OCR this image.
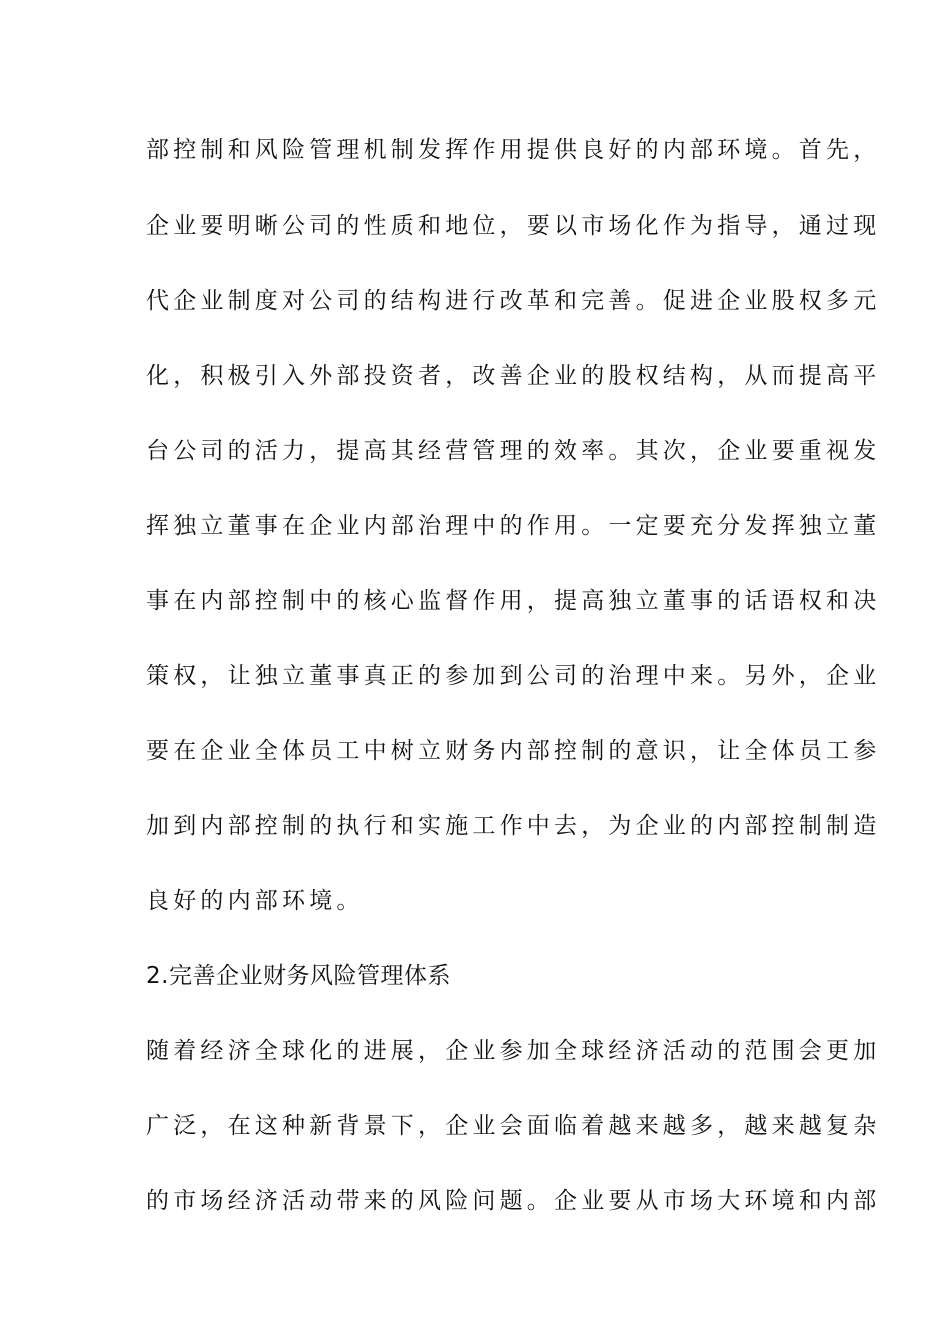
部控制和风险管理机制发挥作用提供良好的内部环境。首先，
企业要明晰公司的性质和地位，要以市场化作为指导，通过现
代企业制度对公司的结构进行改革和完善。促进企业股权多元
化，积极引入外部投资者，改善企业的股权结构，从而提高平
台公司的活力，提高其经营管理的效率。其次，企业要重视发
挥独立董事在企业内部治理中的作用。一定要充分发挥独立董
事在内部控制中的核心监督作用，提高独立董事的话语权和决
策权，让独立董事真正的参加到公司的治理中来。另外，企业
要在企业全体员工中树立财务内部控制的意识，让全体员工参
加到内部控制的执行和实施工作中去，为企业的内部控制制造
良好的内部环境。
2.完善企业财务风险管理体系
随着经济全球化的进展，企业参加全球经济活动的范围会更加
广泛，在这种新背景下，企业会面临着越来越多，越来越复杂
的市场经济活动带来的风险问题。企业要从市场大环境和内部
